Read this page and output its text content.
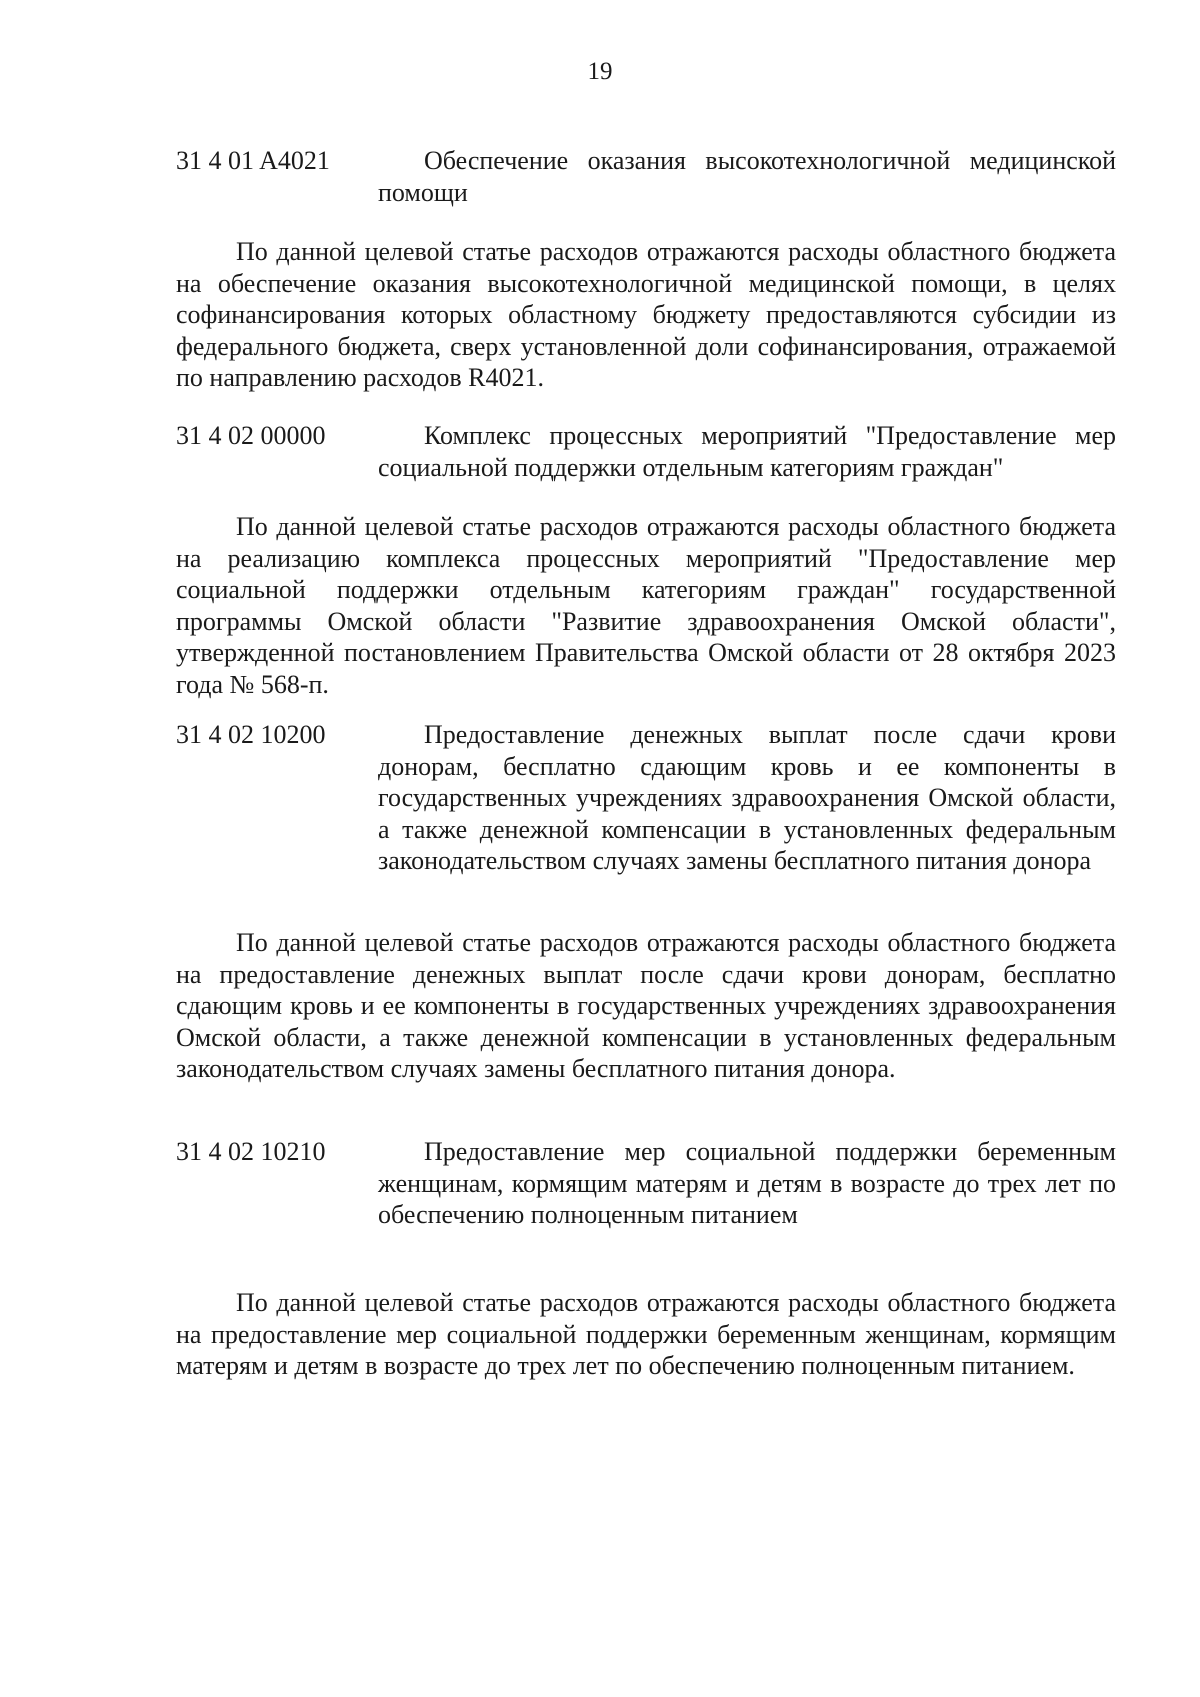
19
31 4 01 A4021	Обеспечение оказания высокотехнологичной медицинской помощи
По данной целевой статье расходов отражаются расходы областного бюджета на обеспечение оказания высокотехнологичной медицинской помощи, в целях софинансирования которых областному бюджету предоставляются субсидии из федерального бюджета, сверх установленной доли софинансирования, отражаемой по направлению расходов R4021.
31 4 02 00000	Комплекс процессных мероприятий "Предоставление мер социальной поддержки отдельным категориям граждан"
По данной целевой статье расходов отражаются расходы областного бюджета на реализацию комплекса процессных мероприятий "Предоставление мер социальной поддержки отдельным категориям граждан" государственной программы Омской области "Развитие здравоохранения Омской области", утвержденной постановлением Правительства Омской области от 28 октября 2023 года № 568-п.
31 4 02 10200	Предоставление денежных выплат после сдачи крови донорам, бесплатно сдающим кровь и ее компоненты в государственных учреждениях здравоохранения Омской области, а также денежной компенсации в установленных федеральным законодательством случаях замены бесплатного питания донора
По данной целевой статье расходов отражаются расходы областного бюджета на предоставление денежных выплат после сдачи крови донорам, бесплатно сдающим кровь и ее компоненты в государственных учреждениях здравоохранения Омской области, а также денежной компенсации в установленных федеральным законодательством случаях замены бесплатного питания донора.
31 4 02 10210	Предоставление мер социальной поддержки беременным женщинам, кормящим матерям и детям в возрасте до трех лет по обеспечению полноценным питанием
По данной целевой статье расходов отражаются расходы областного бюджета на предоставление мер социальной поддержки беременным женщинам, кормящим матерям и детям в возрасте до трех лет по обеспечению полноценным питанием.
